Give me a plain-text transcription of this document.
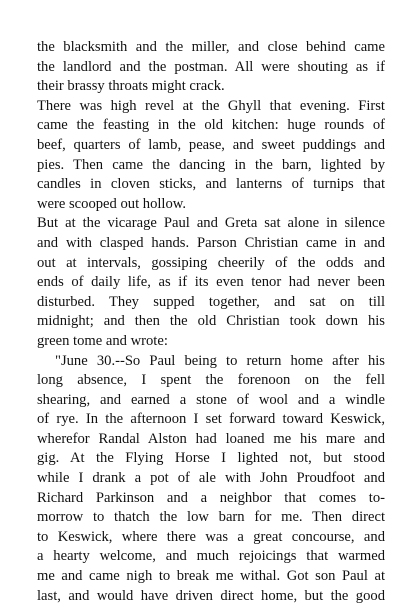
the blacksmith and the miller, and close behind came
the landlord and the postman. All were shouting as if
their brassy throats might crack.
There was high revel at the Ghyll that evening. First
came the feasting in the old kitchen: huge rounds of
beef, quarters of lamb, pease, and sweet puddings and
pies. Then came the dancing in the barn, lighted by
candles in cloven sticks, and lanterns of turnips that
were scooped out hollow.
But at the vicarage Paul and Greta sat alone in silence
and with clasped hands. Parson Christian came in and
out at intervals, gossiping cheerily of the odds and
ends of daily life, as if its even tenor had never been
disturbed. They supped together, and sat on till
midnight; and then the old Christian took down his
green tome and wrote:
"June 30.--So Paul being to return home after his
long absence, I spent the forenoon on the fell
shearing, and earned a stone of wool and a windle
of rye. In the afternoon I set forward toward Keswick,
wherefor Randal Alston had loaned me his mare and
gig. At the Flying Horse I lighted not, but stood
while I drank a pot of ale with John Proudfoot and
Richard Parkinson and a neighbor that comes to-
morrow to thatch the low barn for me. Then direct
to Keswick, where there was a great concourse, and
a hearty welcome, and much rejoicings that warmed
me and came nigh to break me withal. Got son Paul at
last, and would have driven direct home, but the good
